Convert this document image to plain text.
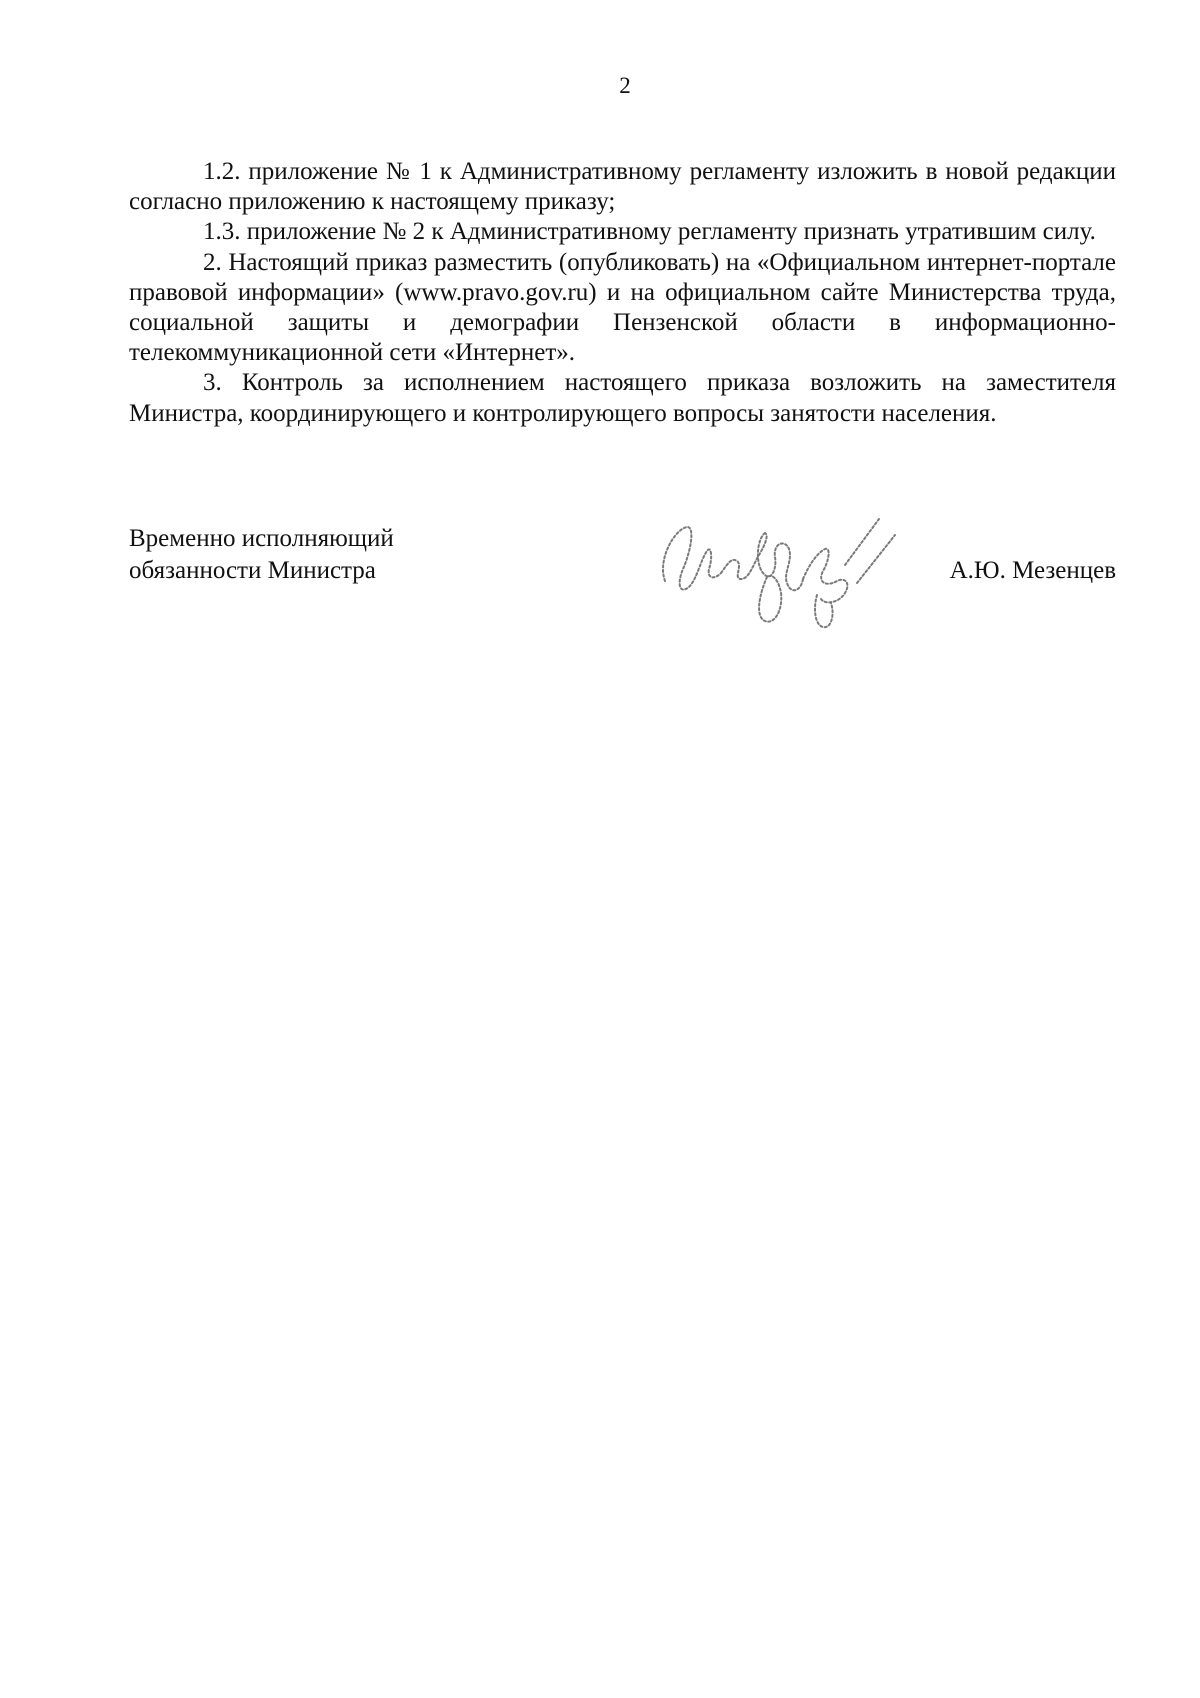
2

1.2. приложение № 1 к Административному регламенту изложить в новой редакции согласно приложению к настоящему приказу;

1.3. приложение № 2 к Административному регламенту признать утратившим силу.

2. Настоящий приказ разместить (опубликовать) на «Официальном интернет-портале правовой информации» (www.pravo.gov.ru) и на официальном сайте Министерства труда, социальной защиты и демографии Пензенской области в информационно-телекоммуникационной сети «Интернет».

3. Контроль за исполнением настоящего приказа возложить на заместителя Министра, координирующего и контролирующего вопросы занятости населения.

Временно исполняющий
обязанности Министра	А.Ю. Мезенцев
